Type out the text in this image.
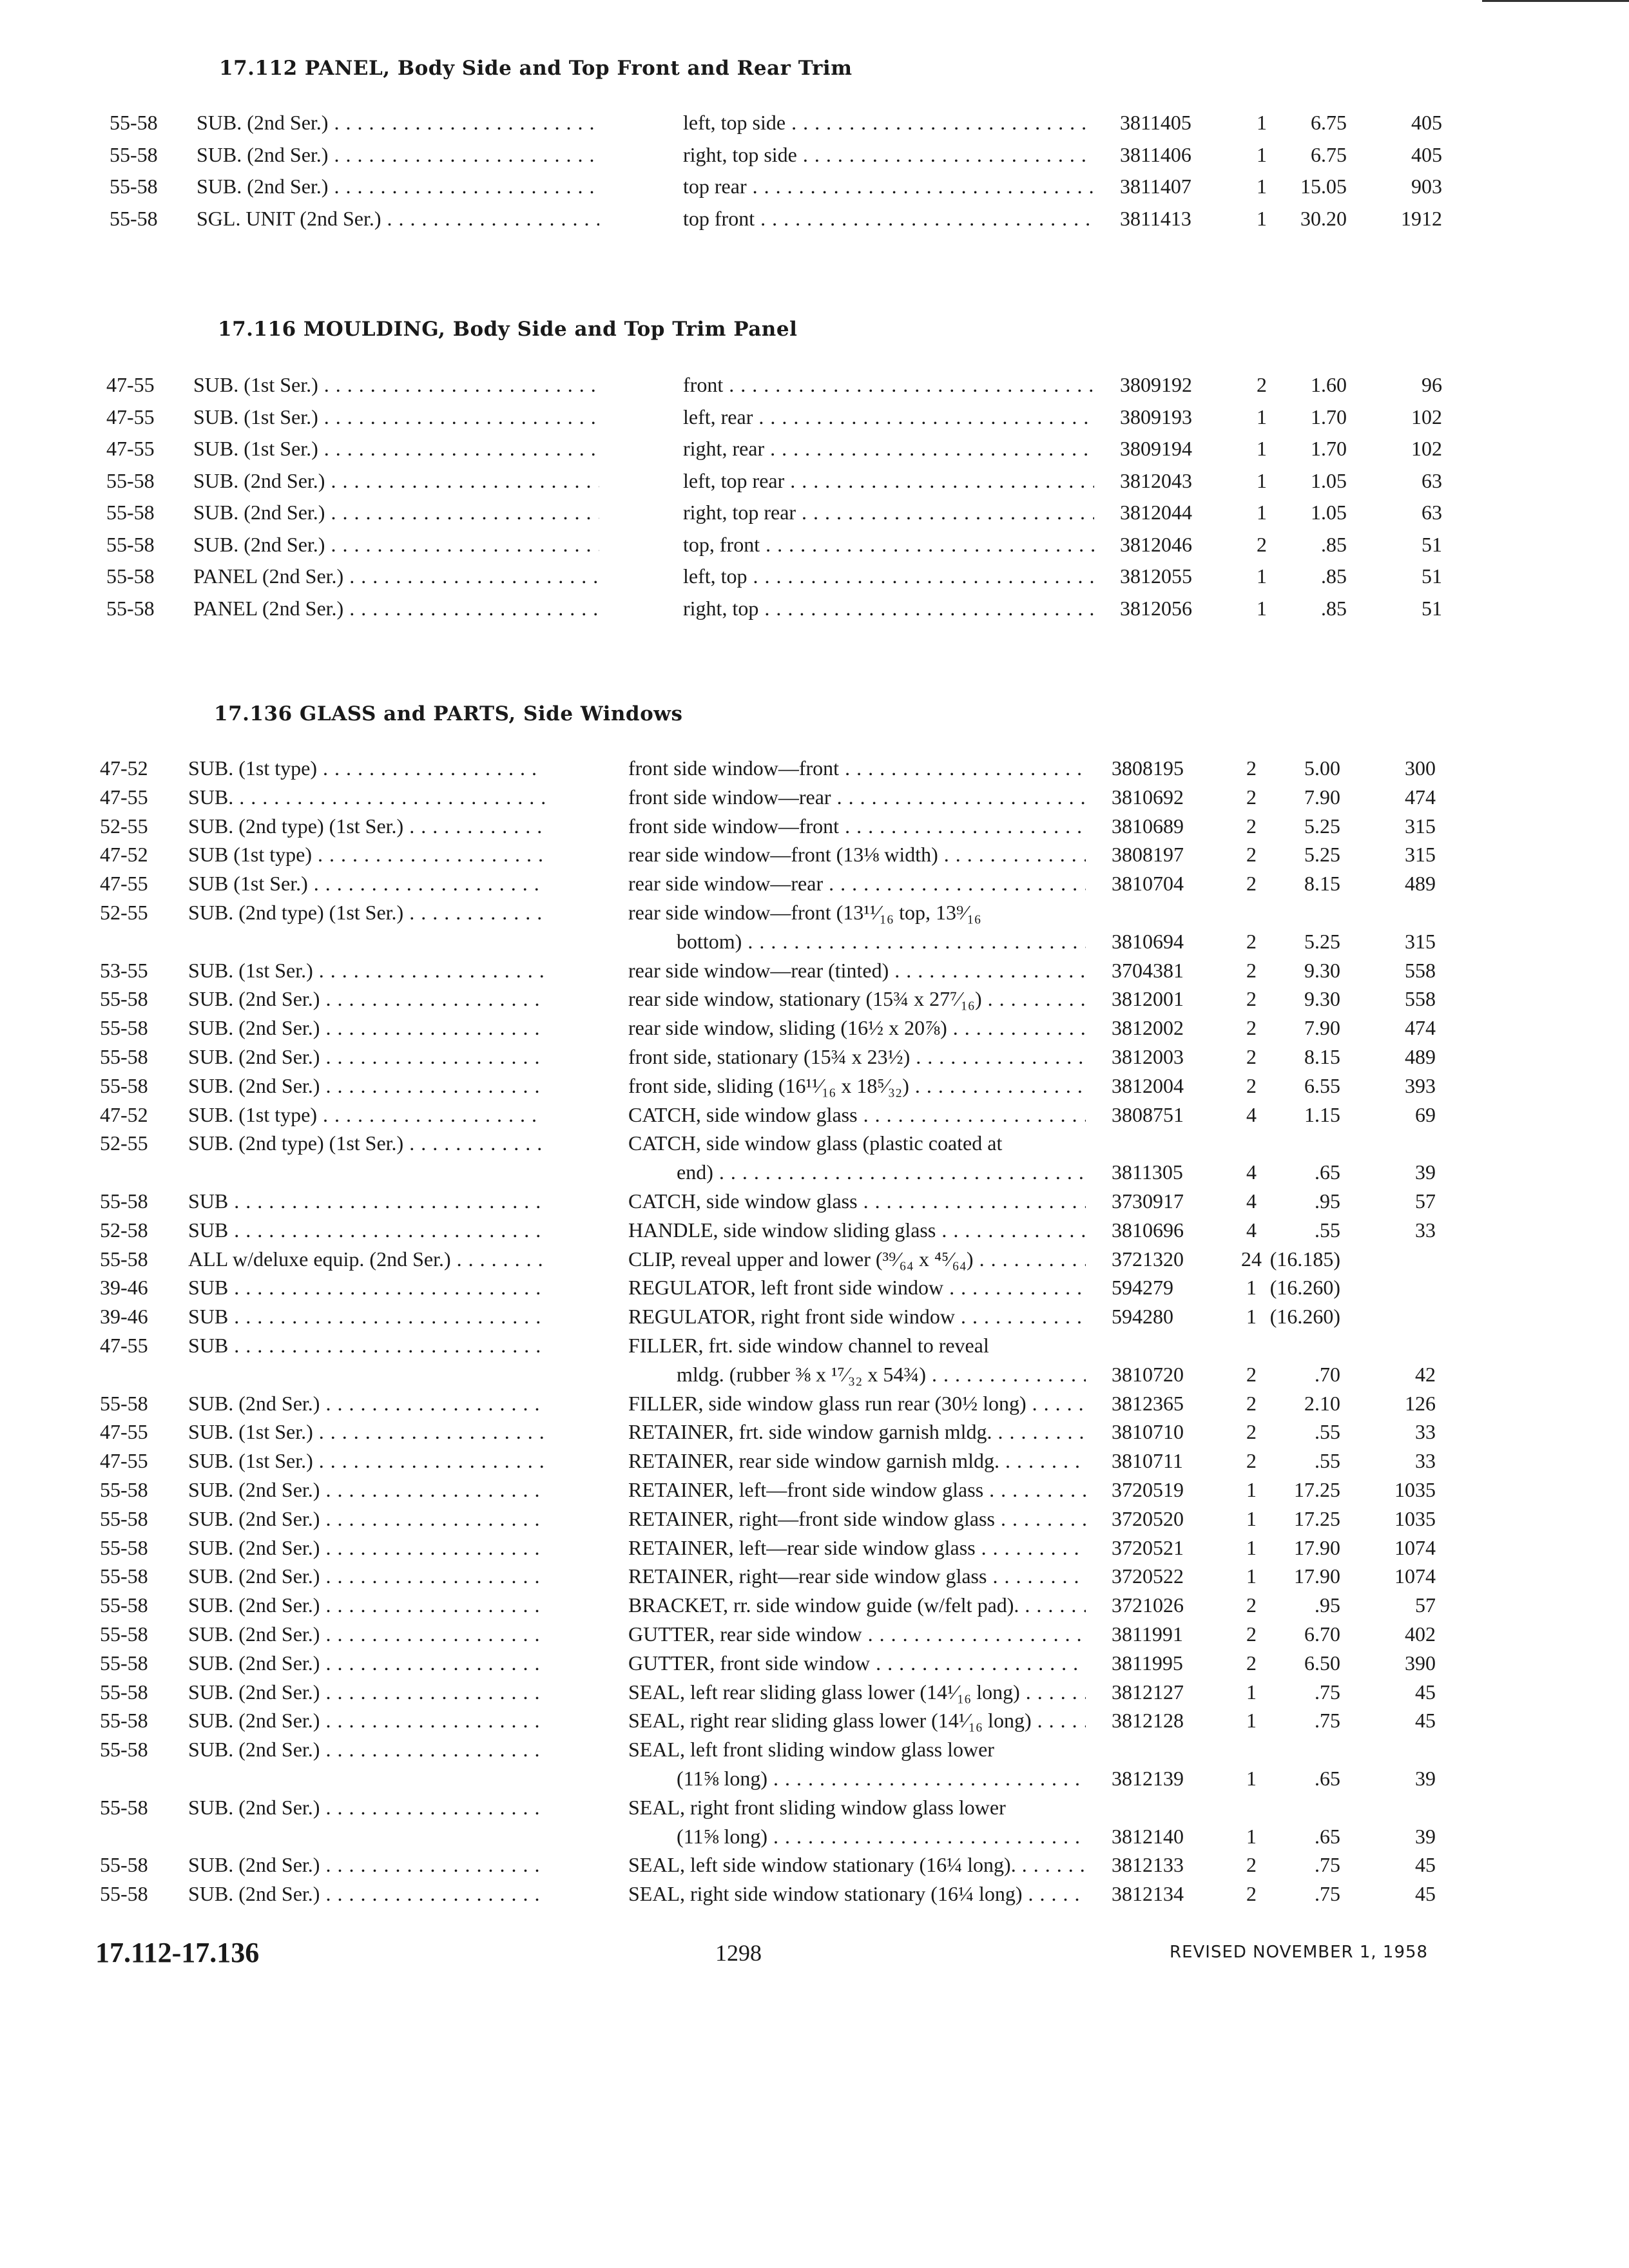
17.112 PANEL, Body Side and Top Front and Rear Trim
55-58	SUB. (2nd Ser.) . . .	left, top side . . .	3811405	1	6.75	405
55-58	SUB. (2nd Ser.) . . .	right, top side . . .	3811406	1	6.75	405
55-58	SUB. (2nd Ser.) . . .	top rear . . .	3811407	1	15.05	903
55-58	SGL. UNIT (2nd Ser.) . . .	top front . . .	3811413	1	30.20	1912
17.116 MOULDING, Body Side and Top Trim Panel
47-55	SUB. (1st Ser.) . . .	front . . .	3809192	2	1.60	96
47-55	SUB. (1st Ser.) . . .	left, rear . . .	3809193	1	1.70	102
47-55	SUB. (1st Ser.) . . .	right, rear . . .	3809194	1	1.70	102
55-58	SUB. (2nd Ser.) . . .	left, top rear . . .	3812043	1	1.05	63
55-58	SUB. (2nd Ser.) . . .	right, top rear . . .	3812044	1	1.05	63
55-58	SUB. (2nd Ser.) . . .	top, front . . .	3812046	2	.85	51
55-58	PANEL (2nd Ser.) . . .	left, top . . .	3812055	1	.85	51
55-58	PANEL (2nd Ser.) . . .	right, top . . .	3812056	1	.85	51
17.136 GLASS and PARTS, Side Windows
47-52	SUB. (1st type) . . .	front side window—front . . .	3808195	2	5.00	300
47-55	SUB. . . .	front side window—rear . . .	3810692	2	7.90	474
52-55	SUB. (2nd type) (1st Ser.) . . .	front side window—front . . .	3810689	2	5.25	315
47-52	SUB (1st type) . . .	rear side window—front (13⅛ width) . . .	3808197	2	5.25	315
47-55	SUB (1st Ser.) . . .	rear side window—rear . . .	3810704	2	8.15	489
52-55	SUB. (2nd type) (1st Ser.) . . .	rear side window—front (13¹¹⁄₁₆ top, 13⁹⁄₁₆
bottom) . . .	3810694	2	5.25	315
53-55	SUB. (1st Ser.) . . .	rear side window—rear (tinted) . . .	3704381	2	9.30	558
55-58	SUB. (2nd Ser.) . . .	rear side window, stationary (15¾ x 27⁷⁄₁₆) . . .	3812001	2	9.30	558
55-58	SUB. (2nd Ser.) . . .	rear side window, sliding (16½ x 20⅞) . . .	3812002	2	7.90	474
55-58	SUB. (2nd Ser.) . . .	front side, stationary (15¾ x 23½) . . .	3812003	2	8.15	489
55-58	SUB. (2nd Ser.) . . .	front side, sliding (16¹¹⁄₁₆ x 18⁵⁄₃₂) . . .	3812004	2	6.55	393
47-52	SUB. (1st type) . . .	CATCH, side window glass . . .	3808751	4	1.15	69
52-55	SUB. (2nd type) (1st Ser.) . . .	CATCH, side window glass (plastic coated at
end) . . .	3811305	4	.65	39
55-58	SUB . . .	CATCH, side window glass . . .	3730917	4	.95	57
52-58	SUB . . .	HANDLE, side window sliding glass . . .	3810696	4	.55	33
55-58	ALL w/deluxe equip. (2nd Ser.) . . .	CLIP, reveal upper and lower (³⁹⁄₆₄ x ⁴⁵⁄₆₄) . . .	3721320	24 (16.185)
39-46	SUB . . .	REGULATOR, left front side window . . .	594279	1 (16.260)
39-46	SUB . . .	REGULATOR, right front side window . . .	594280	1 (16.260)
47-55	SUB . . .	FILLER, frt. side window channel to reveal
mldg. (rubber ⅜ x ¹⁷⁄₃₂ x 54¾) . . .	3810720	2	.70	42
55-58	SUB. (2nd Ser.) . . .	FILLER, side window glass run rear (30½ long) . . .	3812365	2	2.10	126
47-55	SUB. (1st Ser.) . . .	RETAINER, frt. side window garnish mldg. . . .	3810710	2	.55	33
47-55	SUB. (1st Ser.) . . .	RETAINER, rear side window garnish mldg. . . .	3810711	2	.55	33
55-58	SUB. (2nd Ser.) . . .	RETAINER, left—front side window glass . . .	3720519	1	17.25	1035
55-58	SUB. (2nd Ser.) . . .	RETAINER, right—front side window glass . . .	3720520	1	17.25	1035
55-58	SUB. (2nd Ser.) . . .	RETAINER, left—rear side window glass . . .	3720521	1	17.90	1074
55-58	SUB. (2nd Ser.) . . .	RETAINER, right—rear side window glass . . .	3720522	1	17.90	1074
55-58	SUB. (2nd Ser.) . . .	BRACKET, rr. side window guide (w/felt pad). . . .	3721026	2	.95	57
55-58	SUB. (2nd Ser.) . . .	GUTTER, rear side window . . .	3811991	2	6.70	402
55-58	SUB. (2nd Ser.) . . .	GUTTER, front side window . . .	3811995	2	6.50	390
55-58	SUB. (2nd Ser.) . . .	SEAL, left rear sliding glass lower (14¹⁄₁₆ long) . . .	3812127	1	.75	45
55-58	SUB. (2nd Ser.) . . .	SEAL, right rear sliding glass lower (14¹⁄₁₆ long) . . .	3812128	1	.75	45
55-58	SUB. (2nd Ser.) . . .	SEAL, left front sliding window glass lower
(11⅝ long) . . .	3812139	1	.65	39
55-58	SUB. (2nd Ser.) . . .	SEAL, right front sliding window glass lower
(11⅝ long) . . .	3812140	1	.65	39
55-58	SUB. (2nd Ser.) . . .	SEAL, left side window stationary (16¼ long). . . .	3812133	2	.75	45
55-58	SUB. (2nd Ser.) . . .	SEAL, right side window stationary (16¼ long) . . .	3812134	2	.75	45
17.112-17.136	1298	REVISED NOVEMBER 1, 1958
